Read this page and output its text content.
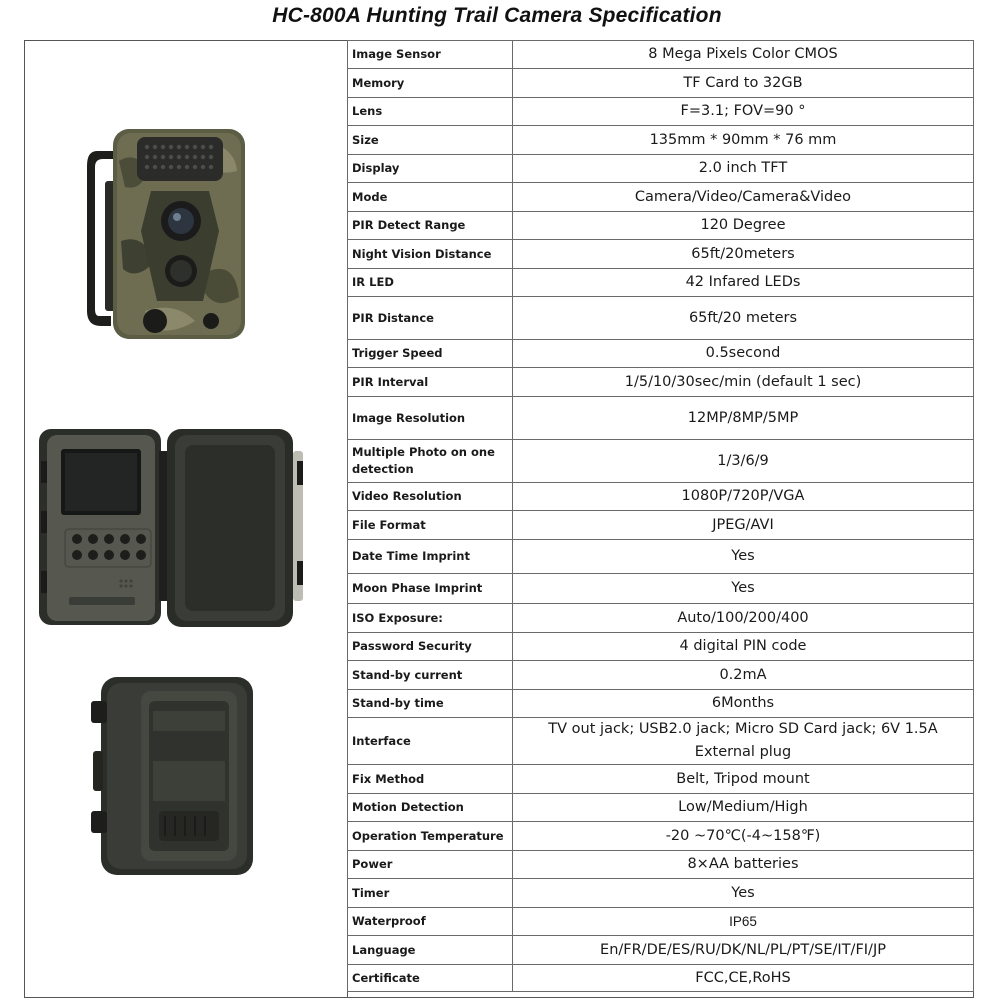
HC-800A Hunting Trail Camera Specification
Image Sensor	8 Mega Pixels Color CMOS
Memory	TF Card to 32GB
Lens	F=3.1; FOV=90 °
Size	135mm * 90mm * 76 mm
Display	2.0 inch TFT
Mode	Camera/Video/Camera&Video
PIR Detect Range	120 Degree
Night Vision Distance	65ft/20meters
IR LED	42 Infared LEDs
PIR Distance	65ft/20 meters
Trigger Speed	0.5second
PIR Interval	1/5/10/30sec/min (default 1 sec)
Image Resolution	12MP/8MP/5MP
Multiple Photo on one detection	1/3/6/9
Video Resolution	1080P/720P/VGA
File Format	JPEG/AVI
Date Time Imprint	Yes
Moon Phase Imprint	Yes
ISO Exposure:	Auto/100/200/400
Password Security	4 digital PIN code
Stand-by current	0.2mA
Stand-by time	6Months
Interface	TV out jack; USB2.0 jack; Micro SD Card jack; 6V 1.5A External plug
Fix Method	Belt, Tripod mount
Motion Detection	Low/Medium/High
Operation Temperature	-20 ~70℃(-4~158℉)
Power	8×AA batteries
Timer	Yes
Waterproof	IP65
Language	En/FR/DE/ES/RU/DK/NL/PL/PT/SE/IT/FI/JP
Certificate	FCC,CE,RoHS
